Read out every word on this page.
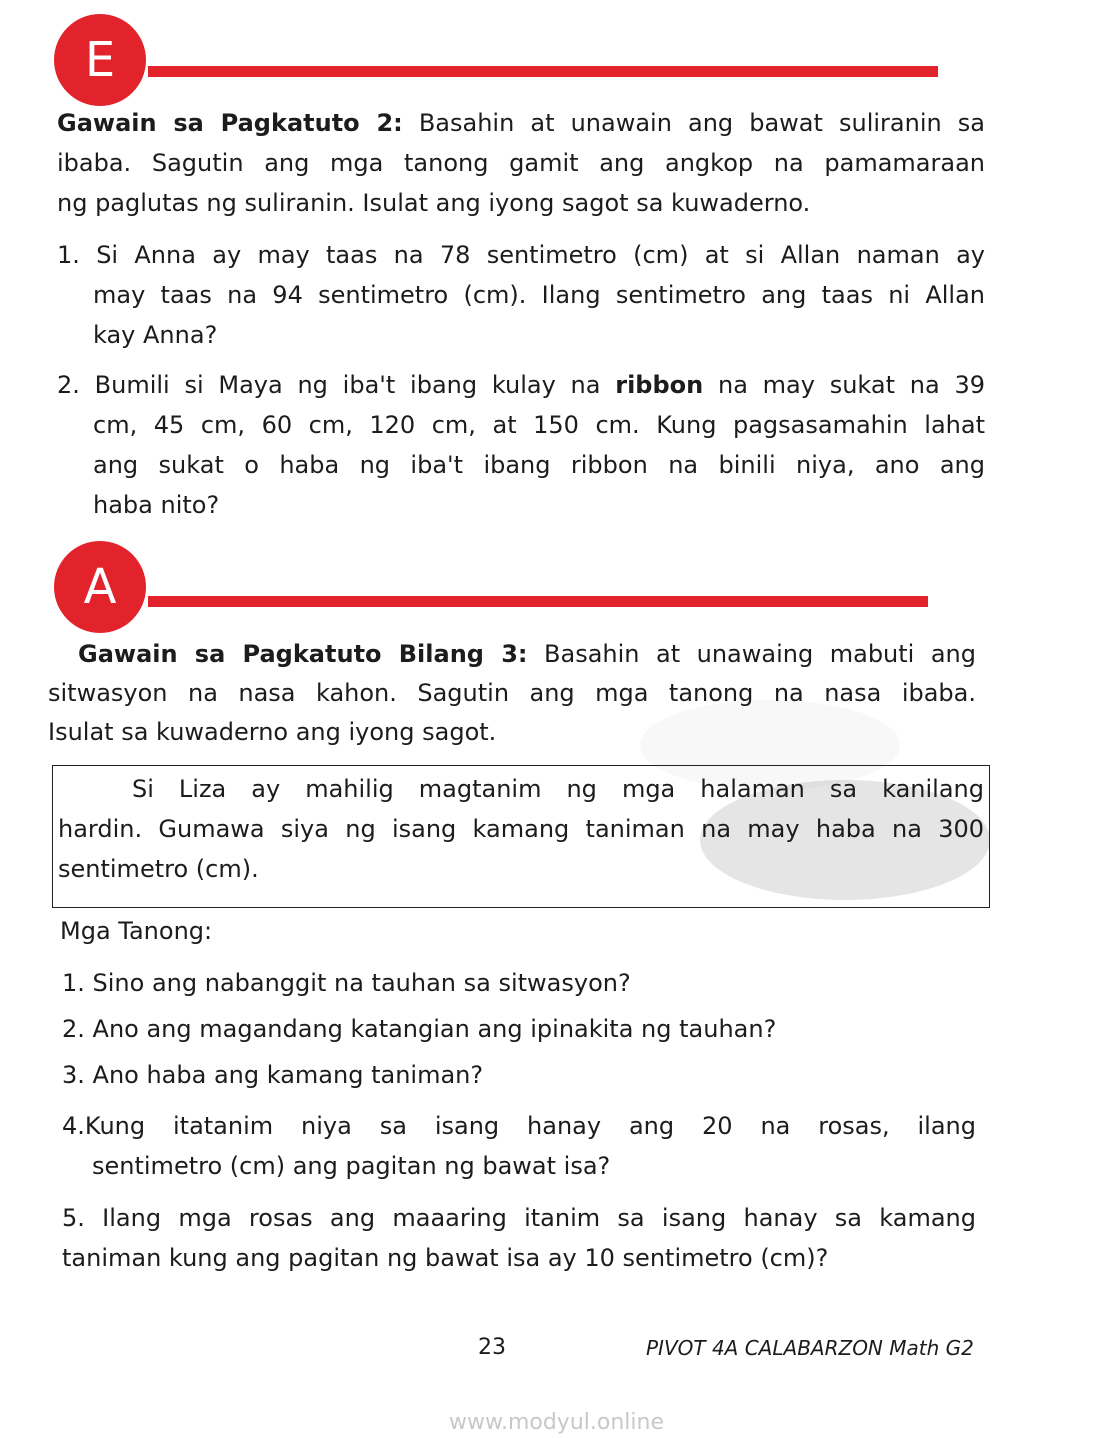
E
Gawain sa Pagkatuto 2: Basahin at unawain ang bawat suliranin sa
ibaba. Sagutin ang mga tanong gamit ang angkop na pamamaraan
ng paglutas ng suliranin. Isulat ang iyong sagot sa kuwaderno.
1. Si Anna ay may taas na 78 sentimetro (cm) at si Allan naman ay
may taas na 94 sentimetro (cm). Ilang sentimetro ang taas ni Allan
kay Anna?
2. Bumili si Maya ng iba't ibang kulay na ribbon na may sukat na 39
cm, 45 cm, 60 cm, 120 cm, at 150 cm. Kung pagsasamahin lahat
ang sukat o haba ng iba't ibang ribbon na binili niya, ano ang
haba nito?
A
Gawain sa Pagkatuto Bilang 3: Basahin at unawaing mabuti ang
sitwasyon na nasa kahon. Sagutin ang mga tanong na nasa ibaba.
Isulat sa kuwaderno ang iyong sagot.
Si Liza ay mahilig magtanim ng mga halaman sa kanilang
hardin. Gumawa siya ng isang kamang taniman na may haba na 300
sentimetro (cm).
Mga Tanong:
1. Sino ang nabanggit na tauhan sa sitwasyon?
2. Ano ang magandang katangian ang ipinakita ng tauhan?
3. Ano haba ang kamang taniman?
4.Kung itatanim niya sa isang hanay ang 20 na rosas, ilang
sentimetro (cm) ang pagitan ng bawat isa?
5. Ilang mga rosas ang maaaring itanim sa isang hanay sa kamang
taniman kung ang pagitan ng bawat isa ay 10 sentimetro (cm)?
23	PIVOT 4A CALABARZON Math G2
www.modyul.online
